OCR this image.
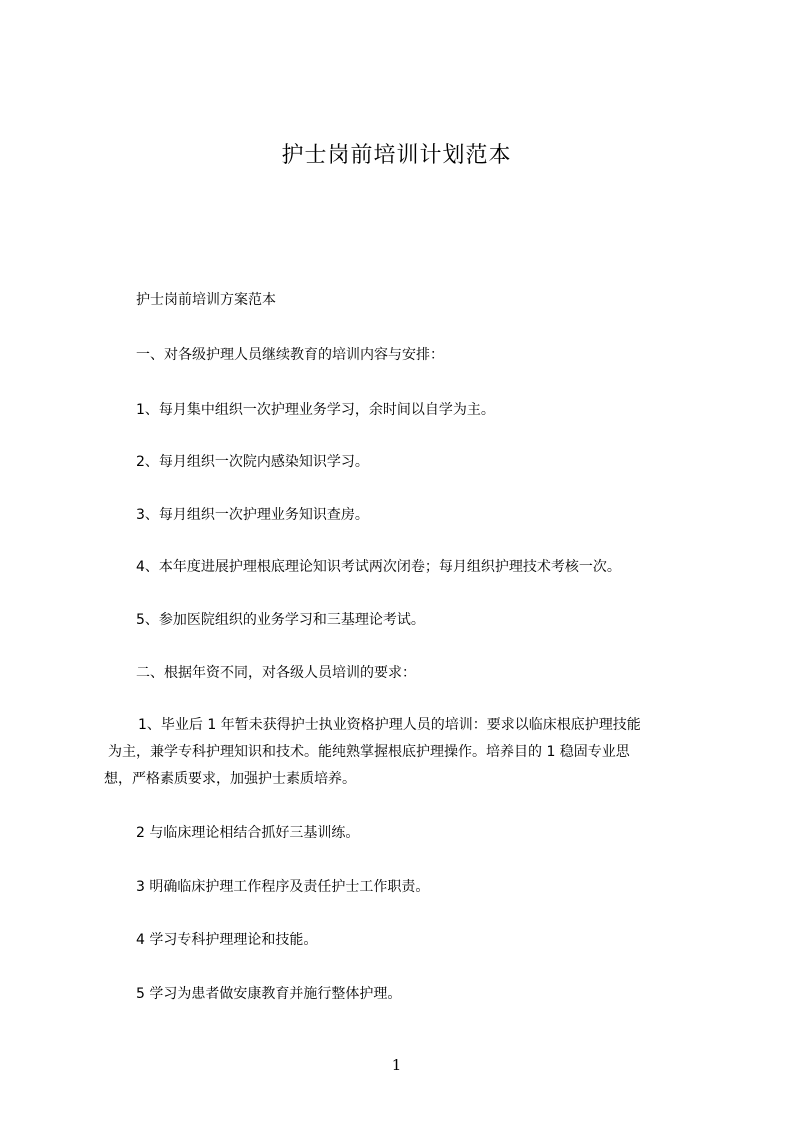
护士岗前培训计划范本
护士岗前培训方案范本
一、对各级护理人员继续教育的培训内容与安排：
1、每月集中组织一次护理业务学习，余时间以自学为主。
2、每月组织一次院内感染知识学习。
3、每月组织一次护理业务知识查房。
4、本年度进展护理根底理论知识考试两次闭卷；每月组织护理技术考核一次。
5、参加医院组织的业务学习和三基理论考试。
二、根据年资不同，对各级人员培训的要求：
1、毕业后 1 年暂未获得护士执业资格护理人员的培训：要求以临床根底护理技能
为主，兼学专科护理知识和技术。能纯熟掌握根底护理操作。培养目的 1 稳固专业思
想，严格素质要求，加强护士素质培养。
2 与临床理论相结合抓好三基训练。
3 明确临床护理工作程序及责任护士工作职责。
4 学习专科护理理论和技能。
5 学习为患者做安康教育并施行整体护理。
1
